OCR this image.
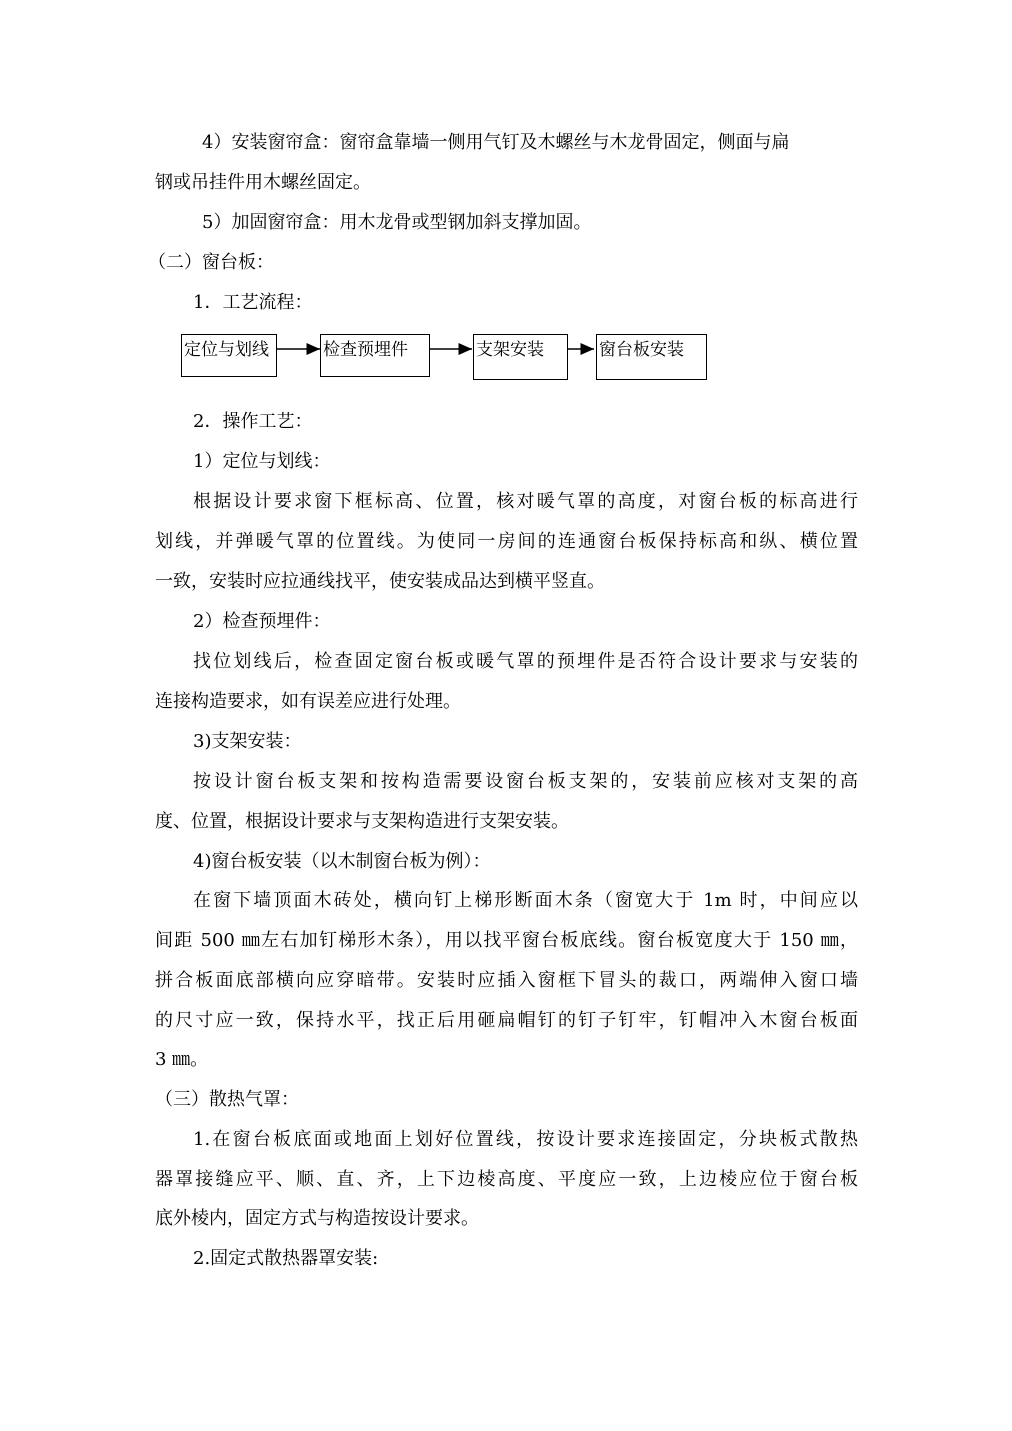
4）安装窗帘盒：窗帘盒靠墙一侧用气钉及木螺丝与木龙骨固定，侧面与扁
钢或吊挂件用木螺丝固定。
5）加固窗帘盒：用木龙骨或型钢加斜支撑加固。
（二）窗台板：
1．工艺流程：
定位与划线	检查预埋件	支架安装	窗台板安装
2．操作工艺：
1）定位与划线：
根据设计要求窗下框标高、位置，核对暖气罩的高度，对窗台板的标高进行
划线，并弹暖气罩的位置线。为使同一房间的连通窗台板保持标高和纵、横位置
一致，安装时应拉通线找平，使安装成品达到横平竖直。
2）检查预埋件：
找位划线后，检查固定窗台板或暖气罩的预埋件是否符合设计要求与安装的
连接构造要求，如有误差应进行处理。
3)支架安装：
按设计窗台板支架和按构造需要设窗台板支架的，安装前应核对支架的高
度、位置，根据设计要求与支架构造进行支架安装。
4)窗台板安装（以木制窗台板为例）：
在窗下墙顶面木砖处，横向钉上梯形断面木条（窗宽大于 1m 时，中间应以
间距 500 ㎜左右加钉梯形木条），用以找平窗台板底线。窗台板宽度大于 150 ㎜，
拼合板面底部横向应穿暗带。安装时应插入窗框下冒头的裁口，两端伸入窗口墙
的尺寸应一致，保持水平，找正后用砸扁帽钉的钉子钉牢，钉帽冲入木窗台板面
3 ㎜。
（三）散热气罩：
1.在窗台板底面或地面上划好位置线，按设计要求连接固定，分块板式散热
器罩接缝应平、顺、直、齐，上下边棱高度、平度应一致，上边棱应位于窗台板
底外棱内，固定方式与构造按设计要求。
2.固定式散热器罩安装:
